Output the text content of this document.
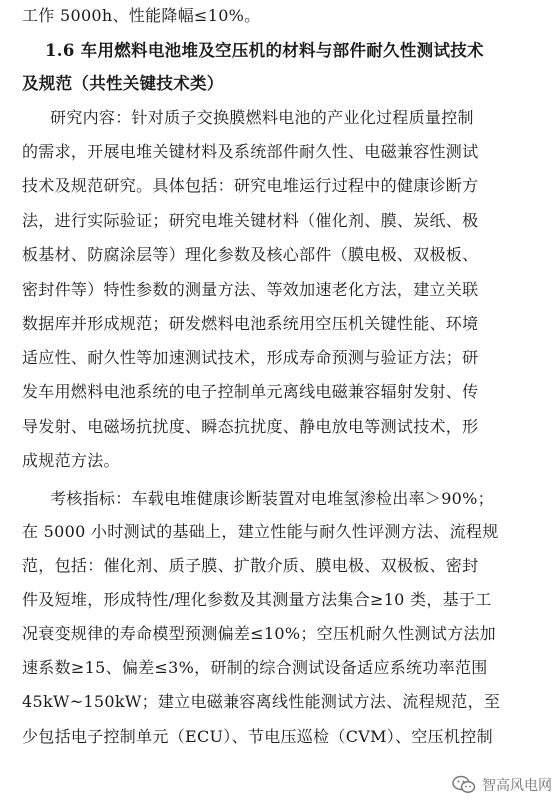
工作 5000h、性能降幅≤10%。
1.6 车用燃料电池堆及空压机的材料与部件耐久性测试技术
及规范（共性关键技术类）
研究内容：针对质子交换膜燃料电池的产业化过程质量控制
的需求，开展电堆关键材料及系统部件耐久性、电磁兼容性测试
技术及规范研究。具体包括：研究电堆运行过程中的健康诊断方
法，进行实际验证；研究电堆关键材料（催化剂、膜、炭纸、极
板基材、防腐涂层等）理化参数及核心部件（膜电极、双极板、
密封件等）特性参数的测量方法、等效加速老化方法，建立关联
数据库并形成规范；研发燃料电池系统用空压机关键性能、环境
适应性、耐久性等加速测试技术，形成寿命预测与验证方法；研
发车用燃料电池系统的电子控制单元离线电磁兼容辐射发射、传
导发射、电磁场抗扰度、瞬态抗扰度、静电放电等测试技术，形
成规范方法。
考核指标：车载电堆健康诊断装置对电堆氢渗检出率＞90%；
在 5000 小时测试的基础上，建立性能与耐久性评测方法、流程规
范，包括：催化剂、质子膜、扩散介质、膜电极、双极板、密封
件及短堆，形成特性/理化参数及其测量方法集合≥10 类，基于工
况衰变规律的寿命模型预测偏差≤10%；空压机耐久性测试方法加
速系数≥15、偏差≤3%，研制的综合测试设备适应系统功率范围
45kW~150kW；建立电磁兼容离线性能测试方法、流程规范，至
少包括电子控制单元（ECU）、节电压巡检（CVM）、空压机控制
智高风电网
